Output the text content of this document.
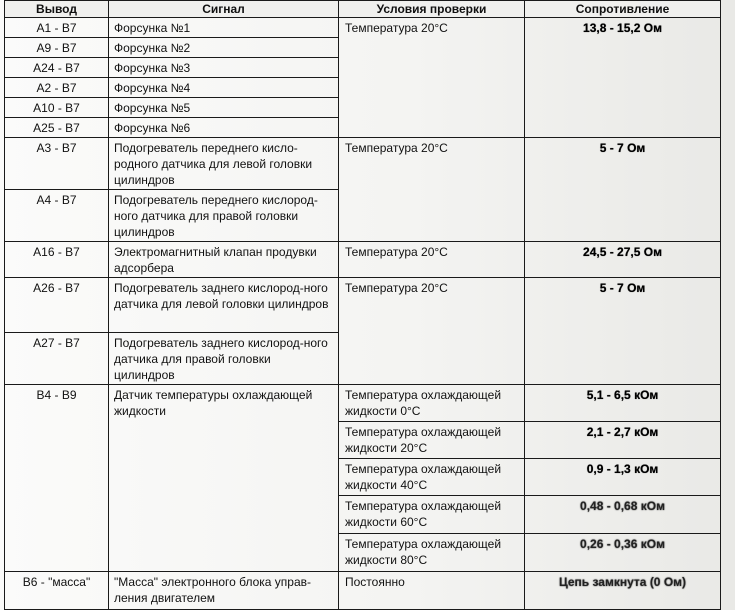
Вывод	Сигнал	Условия проверки	Сопротивление
A1 - B7	Форсунка №1	Температура 20°С	13,8 - 15,2 Ом
A9 - B7	Форсунка №2		
A24 - B7	Форсунка №3		
A2 - B7	Форсунка №4		
A10 - B7	Форсунка №5		
A25 - B7	Форсунка №6		
A3 - B7	Подогреватель переднего кисло-родного датчика для левой головки цилиндров	Температура 20°С	5 - 7 Ом
A4 - B7	Подогреватель переднего кислород-ного датчика для правой головки цилиндров		
A16 - B7	Электромагнитный клапан продувки адсорбера	Температура 20°С	24,5 - 27,5 Ом
A26 - B7	Подогреватель заднего кислород-ного датчика для левой головки цилиндров	Температура 20°С	5 - 7 Ом
A27 - B7	Подогреватель заднего кислород-ного датчика для правой головки цилиндров		
B4 - B9	Датчик температуры охлаждающей жидкости	Температура охлаждающей жидкости 0°С	5,1 - 6,5 кОм
		Температура охлаждающей жидкости 20°С	2,1 - 2,7 кОм
		Температура охлаждающей жидкости 40°С	0,9 - 1,3 кОм
		Температура охлаждающей жидкости 60°С	0,48 - 0,68 кОм
		Температура охлаждающей жидкости 80°С	0,26 - 0,36 кОм
B6 - "масса"	"Масса" электронного блока управ-ления двигателем	Постоянно	Цепь замкнута (0 Ом)
